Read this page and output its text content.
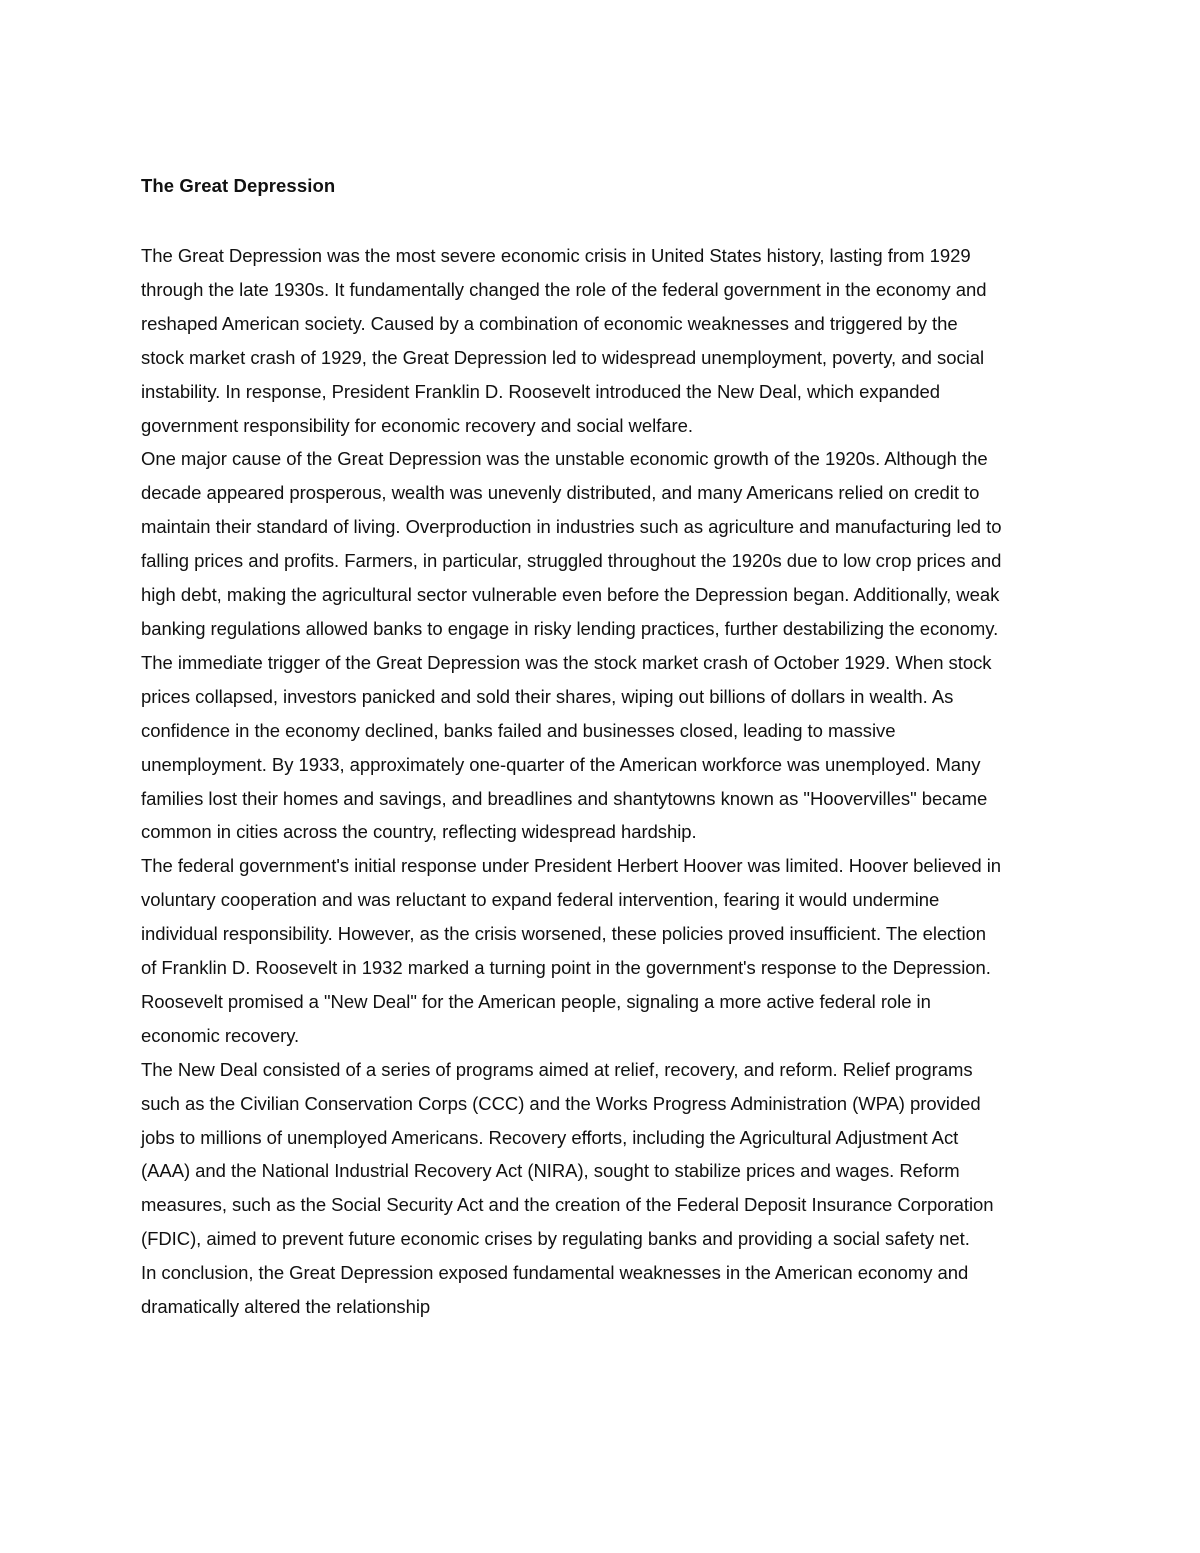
The Great Depression

The Great Depression was the most severe economic crisis in United States history, lasting from 1929
through the late 1930s. It fundamentally changed the role of the federal government in the economy and
reshaped American society. Caused by a combination of economic weaknesses and triggered by the
stock market crash of 1929, the Great Depression led to widespread unemployment, poverty, and social
instability. In response, President Franklin D. Roosevelt introduced the New Deal, which expanded
government responsibility for economic recovery and social welfare.

One major cause of the Great Depression was the unstable economic growth of the 1920s. Although the
decade appeared prosperous, wealth was unevenly distributed, and many Americans relied on credit to
maintain their standard of living. Overproduction in industries such as agriculture and manufacturing led to
falling prices and profits. Farmers, in particular, struggled throughout the 1920s due to low crop prices and
high debt, making the agricultural sector vulnerable even before the Depression began. Additionally, weak
banking regulations allowed banks to engage in risky lending practices, further destabilizing the economy.

The immediate trigger of the Great Depression was the stock market crash of October 1929. When stock
prices collapsed, investors panicked and sold their shares, wiping out billions of dollars in wealth. As
confidence in the economy declined, banks failed and businesses closed, leading to massive
unemployment. By 1933, approximately one-quarter of the American workforce was unemployed. Many
families lost their homes and savings, and breadlines and shantytowns known as "Hoovervilles" became
common in cities across the country, reflecting widespread hardship.

The federal government's initial response under President Herbert Hoover was limited. Hoover believed in
voluntary cooperation and was reluctant to expand federal intervention, fearing it would undermine
individual responsibility. However, as the crisis worsened, these policies proved insufficient. The election
of Franklin D. Roosevelt in 1932 marked a turning point in the government's response to the Depression.
Roosevelt promised a "New Deal" for the American people, signaling a more active federal role in
economic recovery.

The New Deal consisted of a series of programs aimed at relief, recovery, and reform. Relief programs
such as the Civilian Conservation Corps (CCC) and the Works Progress Administration (WPA) provided
jobs to millions of unemployed Americans. Recovery efforts, including the Agricultural Adjustment Act
(AAA) and the National Industrial Recovery Act (NIRA), sought to stabilize prices and wages. Reform
measures, such as the Social Security Act and the creation of the Federal Deposit Insurance Corporation
(FDIC), aimed to prevent future economic crises by regulating banks and providing a social safety net.

In conclusion, the Great Depression exposed fundamental weaknesses in the American economy and
dramatically altered the relationship
